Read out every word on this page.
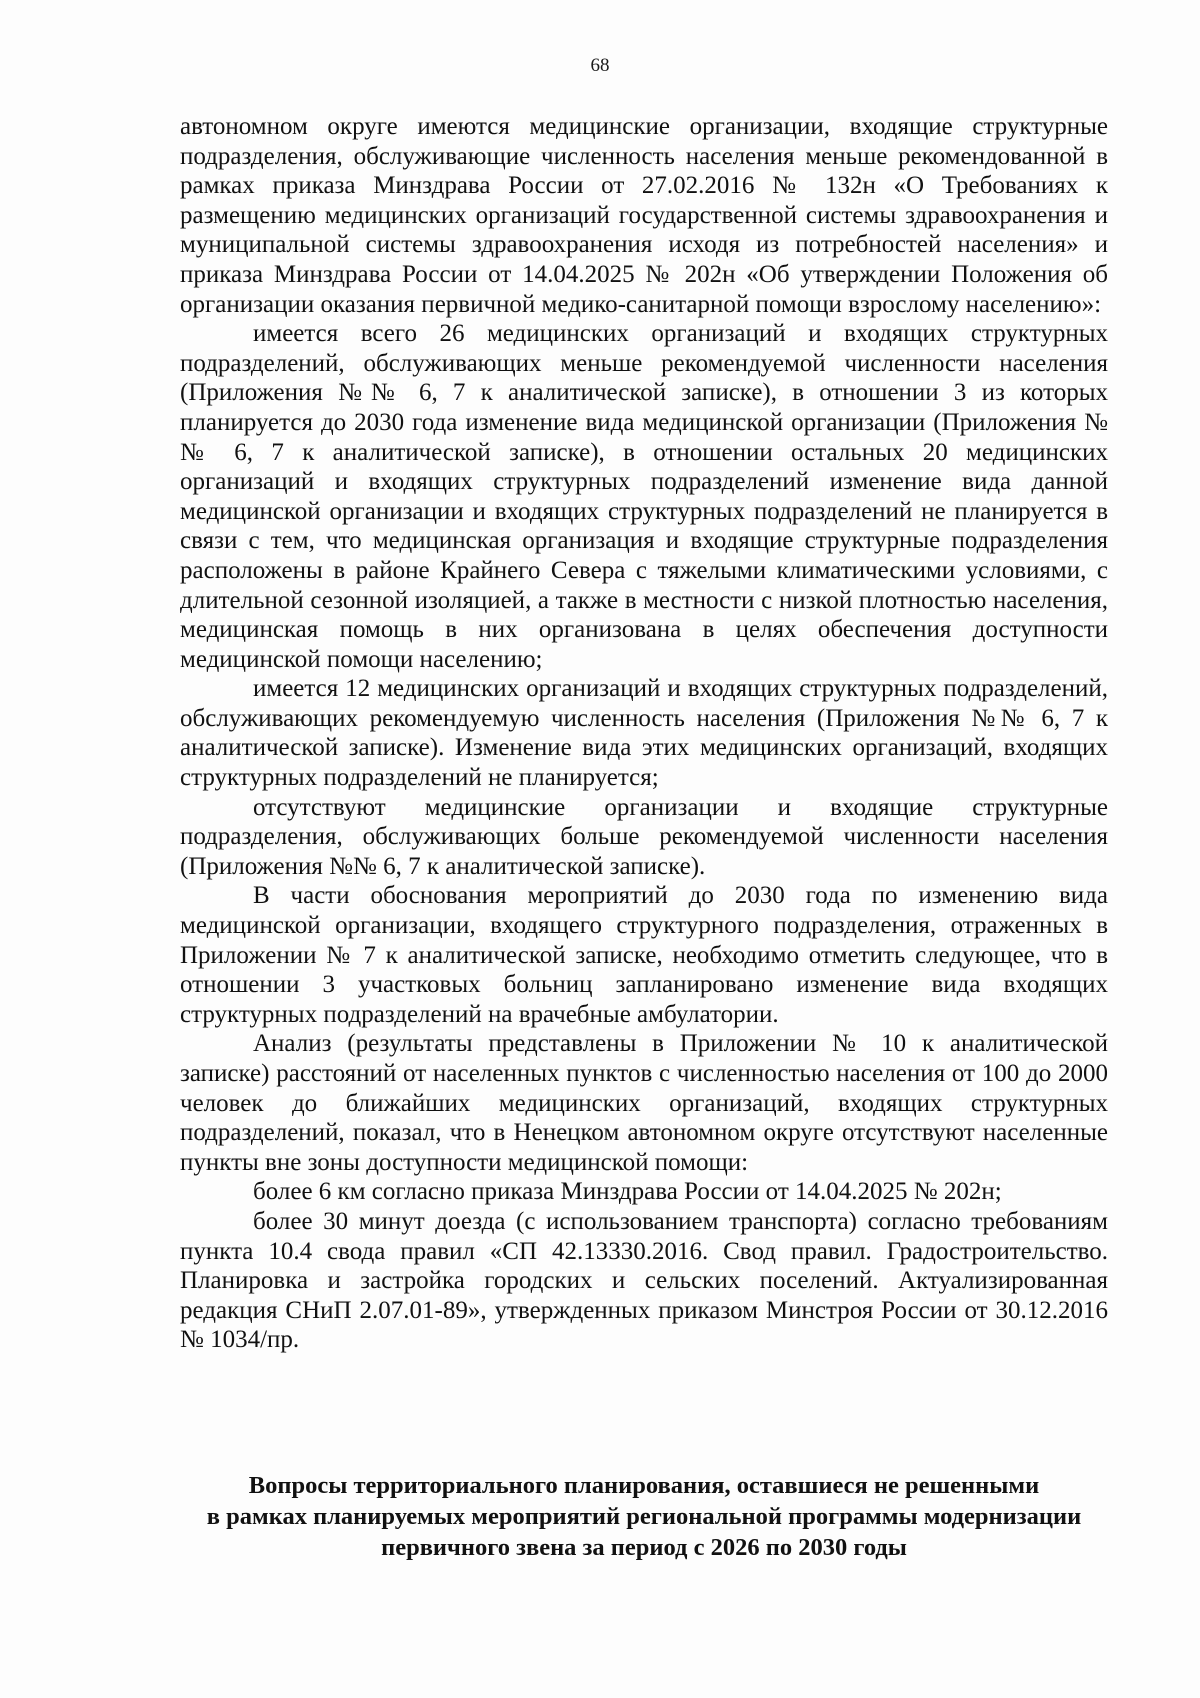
68

автономном округе имеются медицинские организации, входящие структурные подразделения, обслуживающие численность населения меньше рекомендованной в рамках приказа Минздрава России от 27.02.2016 № 132н «О Требованиях к размещению медицинских организаций государственной системы здравоохранения и муниципальной системы здравоохранения исходя из потребностей населения» и приказа Минздрава России от 14.04.2025 № 202н «Об утверждении Положения об организации оказания первичной медико-санитарной помощи взрослому населению»:

имеется всего 26 медицинских организаций и входящих структурных подразделений, обслуживающих меньше рекомендуемой численности населения (Приложения №№ 6, 7 к аналитической записке), в отношении 3 из которых планируется до 2030 года изменение вида медицинской организации (Приложения №№ 6, 7 к аналитической записке), в отношении остальных 20 медицинских организаций и входящих структурных подразделений изменение вида данной медицинской организации и входящих структурных подразделений не планируется в связи с тем, что медицинская организация и входящие структурные подразделения расположены в районе Крайнего Севера с тяжелыми климатическими условиями, с длительной сезонной изоляцией, а также в местности с низкой плотностью населения, медицинская помощь в них организована в целях обеспечения доступности медицинской помощи населению;

имеется 12 медицинских организаций и входящих структурных подразделений, обслуживающих рекомендуемую численность населения (Приложения №№ 6, 7 к аналитической записке). Изменение вида этих медицинских организаций, входящих структурных подразделений не планируется;

отсутствуют медицинские организации и входящие структурные подразделения, обслуживающих больше рекомендуемой численности населения (Приложения №№ 6, 7 к аналитической записке).

В части обоснования мероприятий до 2030 года по изменению вида медицинской организации, входящего структурного подразделения, отраженных в Приложении № 7 к аналитической записке, необходимо отметить следующее, что в отношении 3 участковых больниц запланировано изменение вида входящих структурных подразделений на врачебные амбулатории.

Анализ (результаты представлены в Приложении № 10 к аналитической записке) расстояний от населенных пунктов с численностью населения от 100 до 2000 человек до ближайших медицинских организаций, входящих структурных подразделений, показал, что в Ненецком автономном округе отсутствуют населенные пункты вне зоны доступности медицинской помощи:

более 6 км согласно приказа Минздрава России от 14.04.2025 № 202н;

более 30 минут доезда (с использованием транспорта) согласно требованиям пункта 10.4 свода правил «СП 42.13330.2016. Свод правил. Градостроительство. Планировка и застройка городских и сельских поселений. Актуализированная редакция СНиП 2.07.01-89», утвержденных приказом Минстроя России от 30.12.2016 № 1034/пр.

Вопросы территориального планирования, оставшиеся не решенными
в рамках планируемых мероприятий региональной программы модернизации
первичного звена за период с 2026 по 2030 годы
